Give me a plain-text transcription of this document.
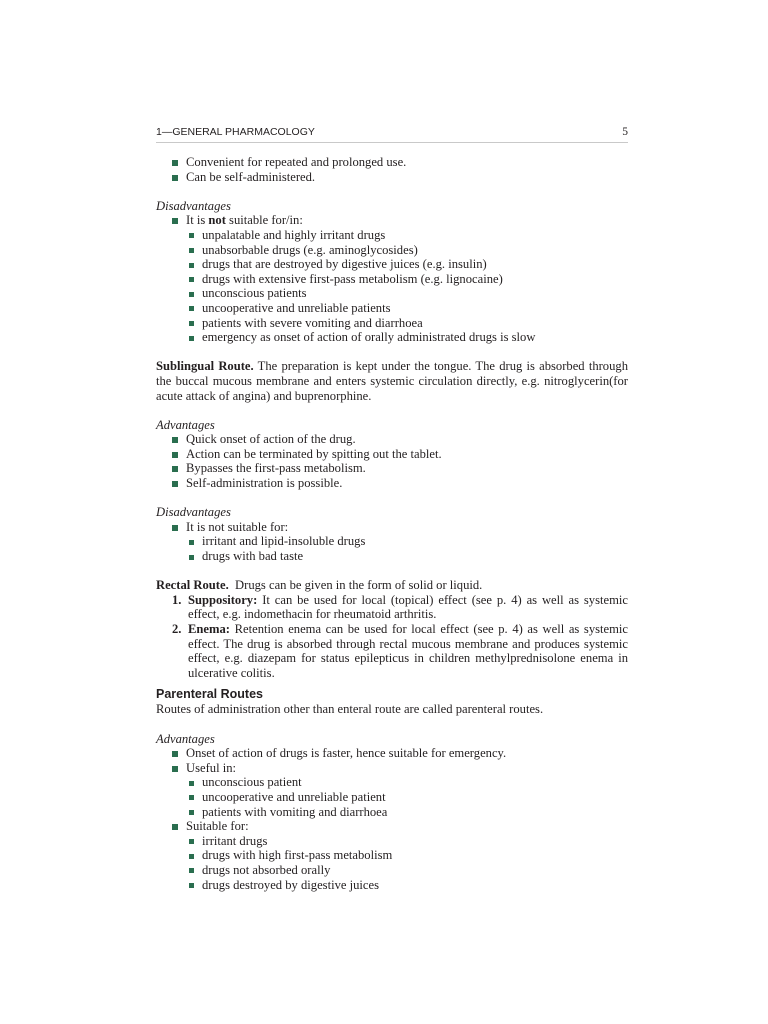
1—GENERAL PHARMACOLOGY	5
Convenient for repeated and prolonged use.
Can be self-administered.
Disadvantages
It is not suitable for/in:
unpalatable and highly irritant drugs
unabsorbable drugs (e.g. aminoglycosides)
drugs that are destroyed by digestive juices (e.g. insulin)
drugs with extensive first-pass metabolism (e.g. lignocaine)
unconscious patients
uncooperative and unreliable patients
patients with severe vomiting and diarrhoea
emergency as onset of action of orally administrated drugs is slow

Sublingual Route. The preparation is kept under the tongue. The drug is absorbed through the buccal mucous membrane and enters systemic circulation directly, e.g. nitroglycerin(for acute attack of angina) and buprenorphine.

Advantages
Quick onset of action of the drug.
Action can be terminated by spitting out the tablet.
Bypasses the first-pass metabolism.
Self-administration is possible.
Disadvantages
It is not suitable for:
irritant and lipid-insoluble drugs
drugs with bad taste

Rectal Route. Drugs can be given in the form of solid or liquid.

1. Suppository: It can be used for local (topical) effect (see p. 4) as well as systemic effect, e.g. indomethacin for rheumatoid arthritis.
2. Enema: Retention enema can be used for local effect (see p. 4) as well as systemic effect. The drug is absorbed through rectal mucous membrane and produces systemic effect, e.g. diazepam for status epilepticus in children methylprednisolone enema in ulcerative colitis.
Parenteral Routes

Routes of administration other than enteral route are called parenteral routes.

Advantages
Onset of action of drugs is faster, hence suitable for emergency.
Useful in:
unconscious patient
uncooperative and unreliable patient
patients with vomiting and diarrhoea
Suitable for:
irritant drugs
drugs with high first-pass metabolism
drugs not absorbed orally
drugs destroyed by digestive juices
